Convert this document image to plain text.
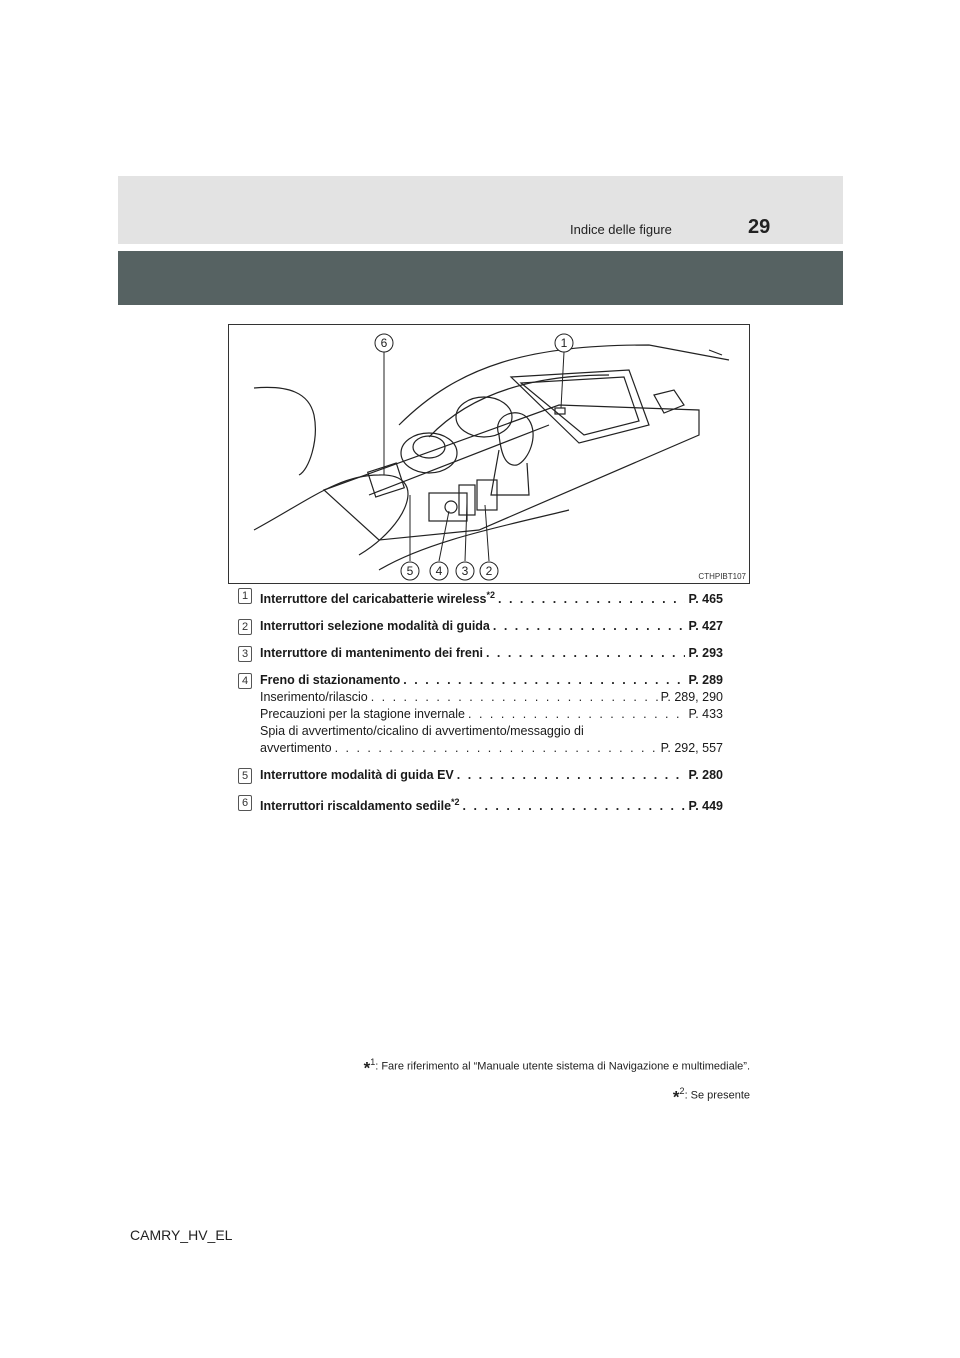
Indice delle figure	29
6	1
5 4 3 2	CTHPIBT107
1 Interruttore del caricabatterie wireless$^{*2}$ . . .	P. 465
2 Interruttori selezione modalità di guida . . .	P. 427
3 Interruttore di mantenimento dei freni . . .	P. 293
4 Freno di stazionamento . . .	P. 289
Inserimento/rilascio . . .	P. 289, 290
Precauzioni per la stagione invernale . . .	P. 433
Spia di avvertimento/cicalino di avvertimento/messaggio di
avvertimento . . .	P. 292, 557
5 Interruttore modalità di guida EV . . .	P. 280
6 Interruttori riscaldamento sedile$^{*2}$ . . .	P. 449
*$^1$: Fare riferimento al “Manuale utente sistema di Navigazione e multimediale”.
*$^2$: Se presente
CAMRY_HV_EL
